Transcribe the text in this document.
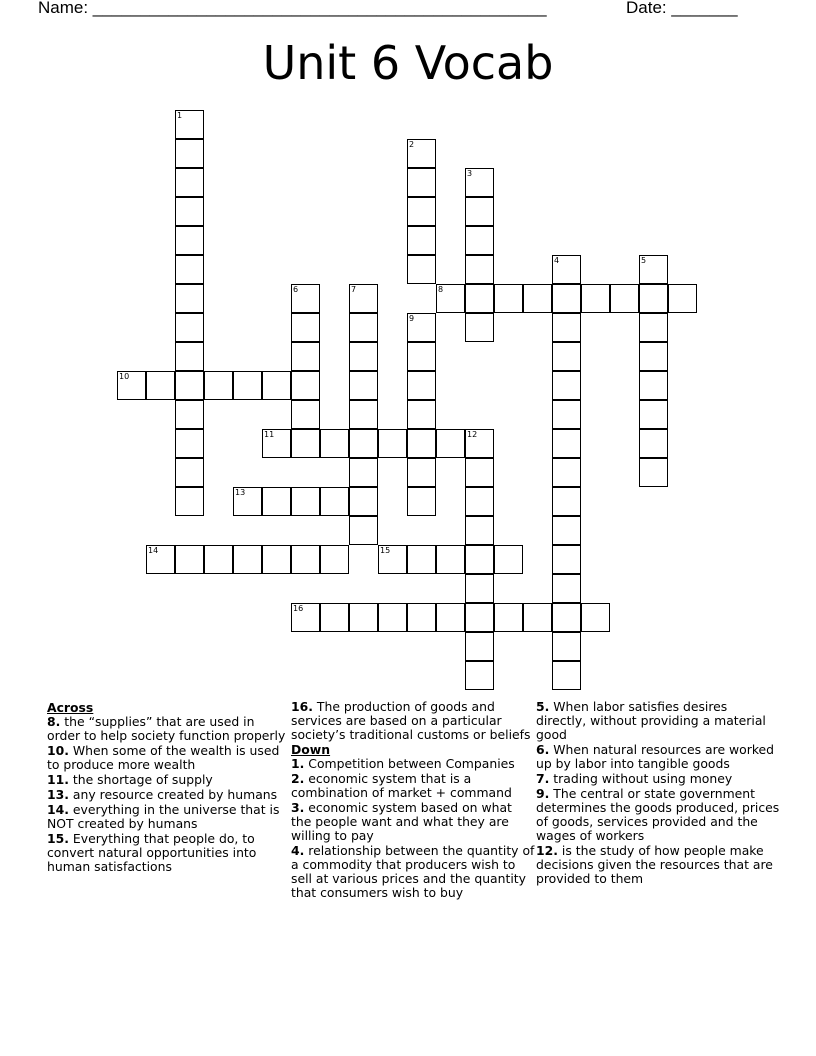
Name: ________________________________________________	Date: _______
Unit 6 Vocab
1
2
3
4	5
6	7	8
9
10
11	12
13
14	15
16
Across
8. the “supplies” that are used in order to help society function properly
10. When some of the wealth is used to produce more wealth
11. the shortage of supply
13. any resource created by humans
14. everything in the universe that is NOT created by humans
15. Everything that people do, to convert natural opportunities into human satisfactions
16. The production of goods and services are based on a particular society’s traditional customs or beliefs
Down
1. Competition between Companies
2. economic system that is a combination of market + command
3. economic system based on what the people want and what they are willing to pay
4. relationship between the quantity of a commodity that producers wish to sell at various prices and the quantity that consumers wish to buy
5. When labor satisfies desires directly, without providing a material good
6. When natural resources are worked up by labor into tangible goods
7. trading without using money
9. The central or state government determines the goods produced, prices of goods, services provided and the wages of workers
12. is the study of how people make decisions given the resources that are provided to them
